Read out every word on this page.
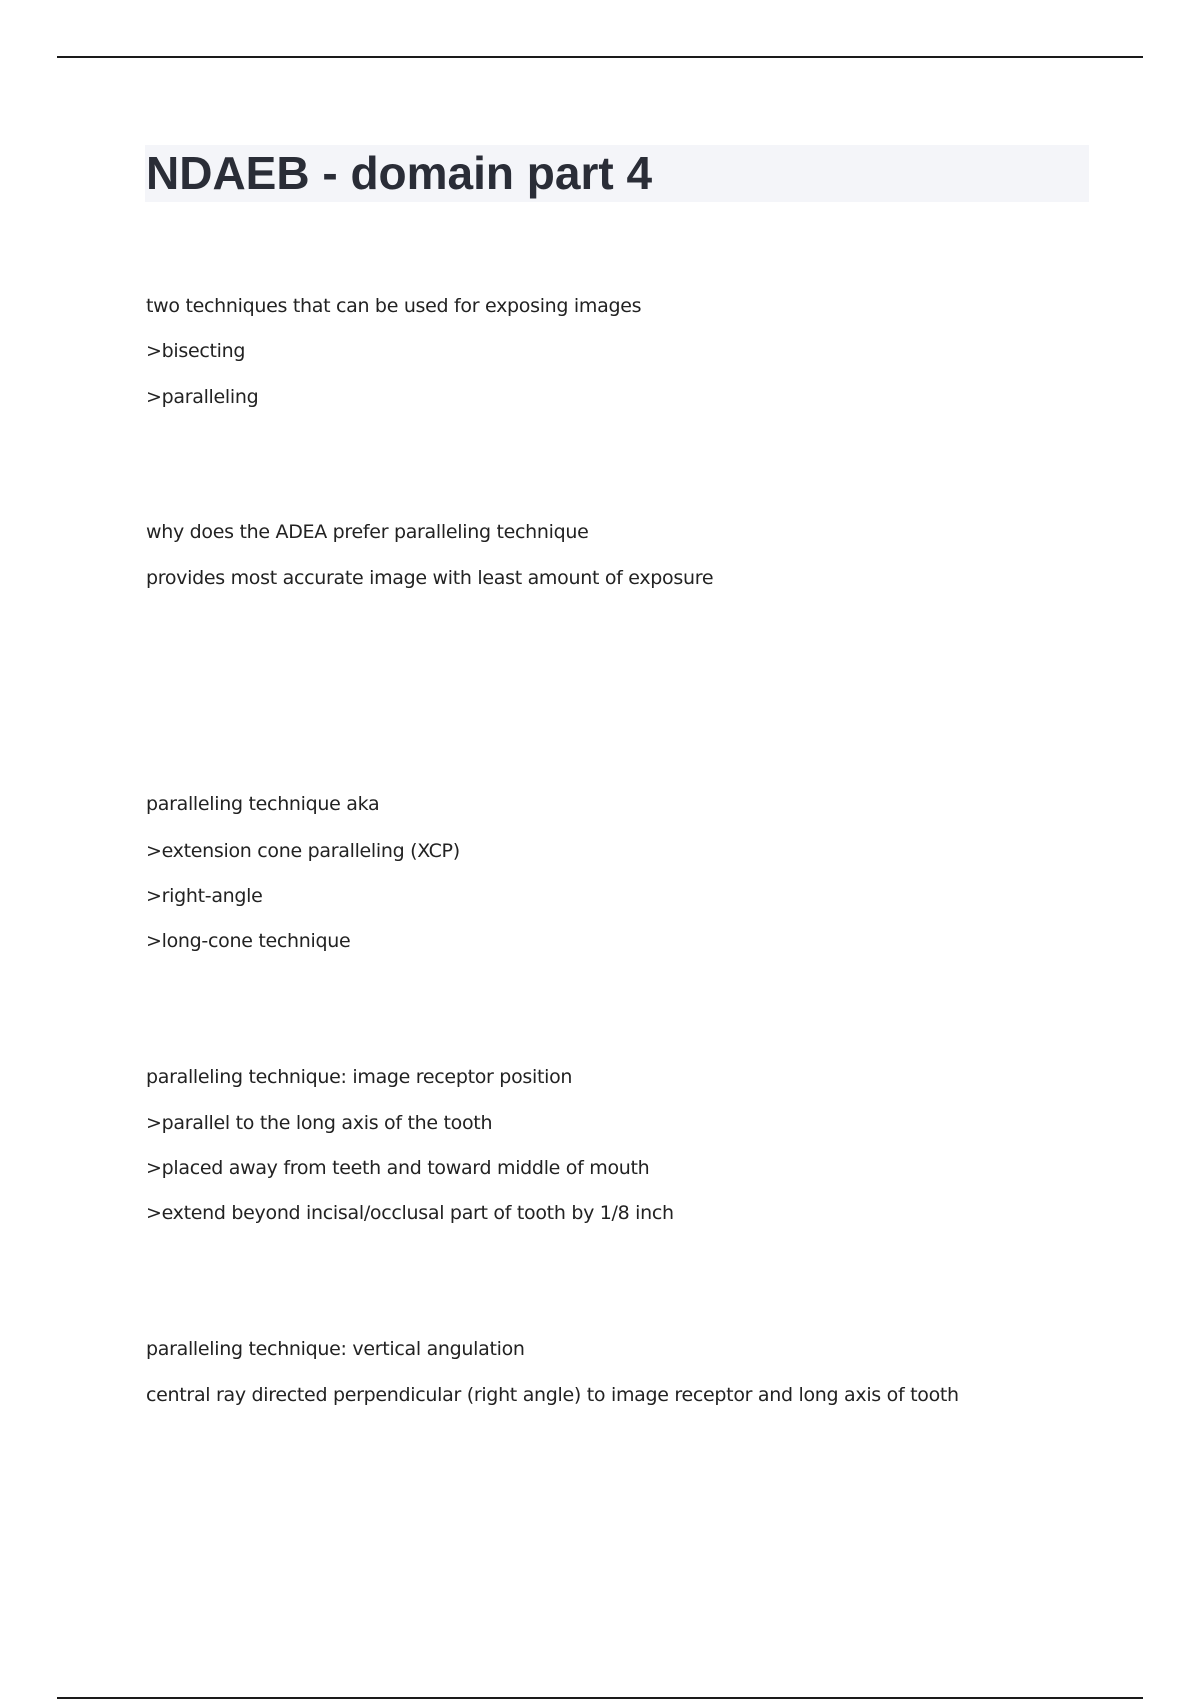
NDAEB - domain part 4

two techniques that can be used for exposing images

>bisecting

>paralleling

why does the ADEA prefer paralleling technique

provides most accurate image with least amount of exposure

paralleling technique aka

>extension cone paralleling (XCP)

>right-angle

>long-cone technique

paralleling technique: image receptor position

>parallel to the long axis of the tooth

>placed away from teeth and toward middle of mouth

>extend beyond incisal/occlusal part of tooth by 1/8 inch

paralleling technique: vertical angulation

central ray directed perpendicular (right angle) to image receptor and long axis of tooth
